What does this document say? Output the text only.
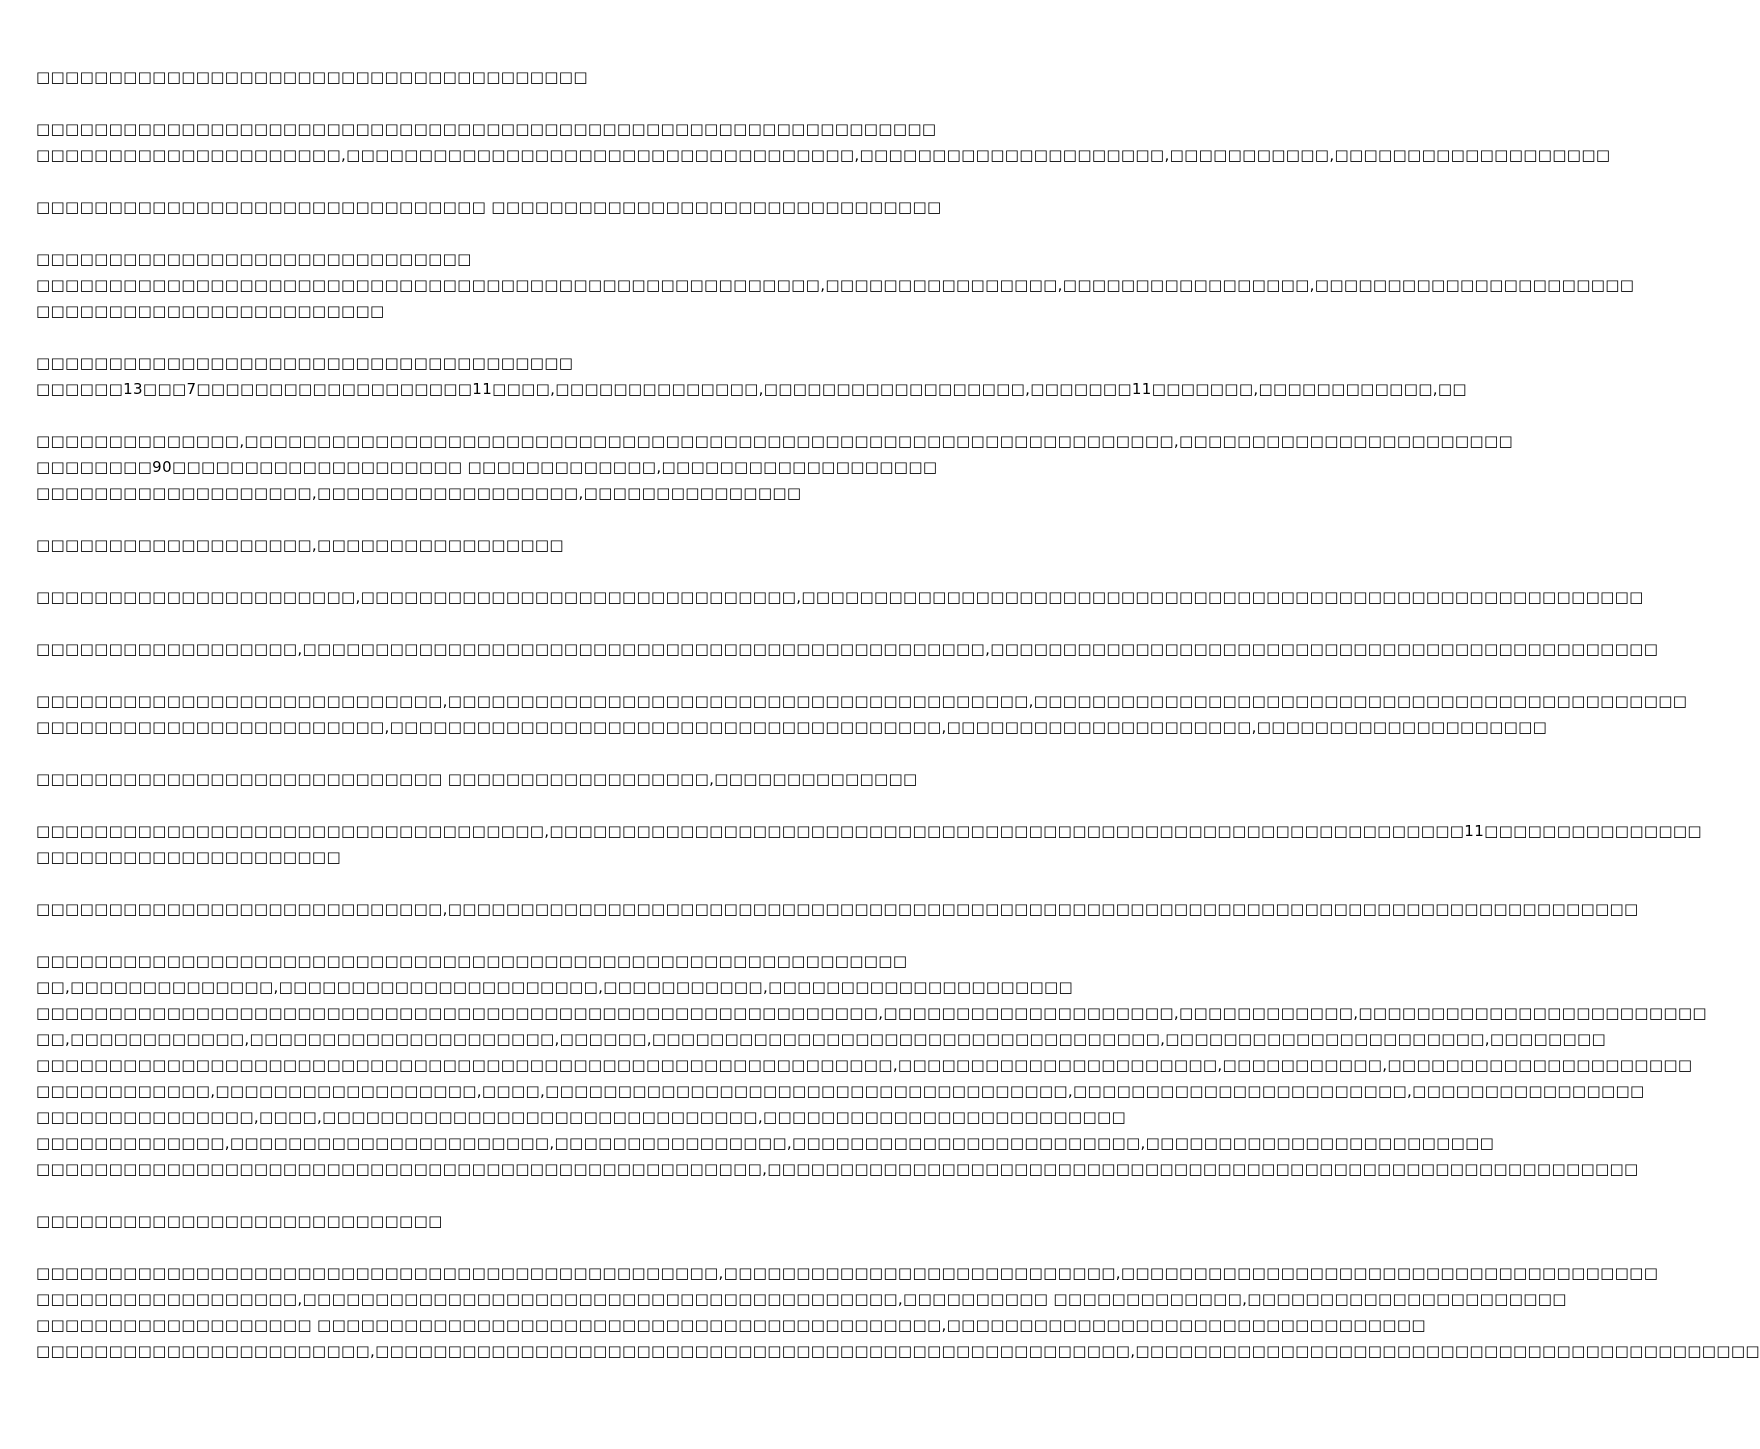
□□□□□□□□□□□□□□□□□□□□□□□□□□□□□□□□□□□□□□
□□□□□□□□□□□□□□□□□□□□□□□□□□□□□□□□□□□□□□□□□□□□□□□□□□□□□□□□□□□□□□
□□□□□□□□□□□□□□□□□□□□□,□□□□□□□□□□□□□□□□□□□□□□□□□□□□□□□□□□□,□□□□□□□□□□□□□□□□□□□□□,□□□□□□□□□□□,□□□□□□□□□□□□□□□□□□□
□□□□□□□□□□□□□□□□□□□□□□□□□□□□□□□ □□□□□□□□□□□□□□□□□□□□□□□□□□□□□□□
□□□□□□□□□□□□□□□□□□□□□□□□□□□□□□
□□□□□□□□□□□□□□□□□□□□□□□□□□□□□□□□□□□□□□□□□□□□□□□□□□□□□□,□□□□□□□□□□□□□□□□,□□□□□□□□□□□□□□□□□,□□□□□□□□□□□□□□□□□□□□□□
□□□□□□□□□□□□□□□□□□□□□□□□
□□□□□□□□□□□□□□□□□□□□□□□□□□□□□□□□□□□□□
□□□□□□13□□□7□□□□□□□□□□□□□□□□□□□11□□□□,□□□□□□□□□□□□□□,□□□□□□□□□□□□□□□□□□,□□□□□□□11□□□□□□□,□□□□□□□□□□□□,□□
□□□□□□□□□□□□□□,□□□□□□□□□□□□□□□□□□□□□□□□□□□□□□□□□□□□□□□□□□□□□□□□□□□□□□□□□□□□□□□□,□□□□□□□□□□□□□□□□□□□□□□□
□□□□□□□□90□□□□□□□□□□□□□□□□□□□□ □□□□□□□□□□□□□,□□□□□□□□□□□□□□□□□□□
□□□□□□□□□□□□□□□□□□□,□□□□□□□□□□□□□□□□□□,□□□□□□□□□□□□□□□
□□□□□□□□□□□□□□□□□□□,□□□□□□□□□□□□□□□□□
□□□□□□□□□□□□□□□□□□□□□□,□□□□□□□□□□□□□□□□□□□□□□□□□□□□□□,□□□□□□□□□□□□□□□□□□□□□□□□□□□□□□□□□□□□□□□□□□□□□□□□□□□□□□□□□□
□□□□□□□□□□□□□□□□□□,□□□□□□□□□□□□□□□□□□□□□□□□□□□□□□□□□□□□□□□□□□□□□□□,□□□□□□□□□□□□□□□□□□□□□□□□□□□□□□□□□□□□□□□□□□□□□□
□□□□□□□□□□□□□□□□□□□□□□□□□□□□,□□□□□□□□□□□□□□□□□□□□□□□□□□□□□□□□□□□□□□□□,□□□□□□□□□□□□□□□□□□□□□□□□□□□□□□□□□□□□□□□□□□□□□
□□□□□□□□□□□□□□□□□□□□□□□□,□□□□□□□□□□□□□□□□□□□□□□□□□□□□□□□□□□□□□□,□□□□□□□□□□□□□□□□□□□□□,□□□□□□□□□□□□□□□□□□□□
□□□□□□□□□□□□□□□□□□□□□□□□□□□□ □□□□□□□□□□□□□□□□□□,□□□□□□□□□□□□□□
□□□□□□□□□□□□□□□□□□□□□□□□□□□□□□□□□□□,□□□□□□□□□□□□□□□□□□□□□□□□□□□□□□□□□□□□□□□□□□□□□□□□□□□□□□□□□□□□□□□11□□□□□□□□□□□□□□□
□□□□□□□□□□□□□□□□□□□□□
□□□□□□□□□□□□□□□□□□□□□□□□□□□□,□□□□□□□□□□□□□□□□□□□□□□□□□□□□□□□□□□□□□□□□□□□□□□□□□□□□□□□□□□□□□□□□□□□□□□□□□□□□□□□□□□
□□□□□□□□□□□□□□□□□□□□□□□□□□□□□□□□□□□□□□□□□□□□□□□□□□□□□□□□□□□□
□□,□□□□□□□□□□□□□□,□□□□□□□□□□□□□□□□□□□□□□,□□□□□□□□□□□,□□□□□□□□□□□□□□□□□□□□□
□□□□□□□□□□□□□□□□□□□□□□□□□□□□□□□□□□□□□□□□□□□□□□□□□□□□□□□□□□,□□□□□□□□□□□□□□□□□□□□,□□□□□□□□□□□□,□□□□□□□□□□□□□□□□□□□□□□□□
□□,□□□□□□□□□□□□,□□□□□□□□□□□□□□□□□□□□□,□□□□□□,□□□□□□□□□□□□□□□□□□□□□□□□□□□□□□□□□□□,□□□□□□□□□□□□□□□□□□□□□□,□□□□□□□□
□□□□□□□□□□□□□□□□□□□□□□□□□□□□□□□□□□□□□□□□□□□□□□□□□□□□□□□□□□□,□□□□□□□□□□□□□□□□□□□□□□,□□□□□□□□□□□,□□□□□□□□□□□□□□□□□□□□□
□□□□□□□□□□□□,□□□□□□□□□□□□□□□□□□,□□□□,□□□□□□□□□□□□□□□□□□□□□□□□□□□□□□□□□□□□,□□□□□□□□□□□□□□□□□□□□□□□,□□□□□□□□□□□□□□□□
□□□□□□□□□□□□□□□,□□□□,□□□□□□□□□□□□□□□□□□□□□□□□□□□□□□,□□□□□□□□□□□□□□□□□□□□□□□□□
□□□□□□□□□□□□□,□□□□□□□□□□□□□□□□□□□□□□,□□□□□□□□□□□□□□□□,□□□□□□□□□□□□□□□□□□□□□□□□,□□□□□□□□□□□□□□□□□□□□□□□□
□□□□□□□□□□□□□□□□□□□□□□□□□□□□□□□□□□□□□□□□□□□□□□□□□□,□□□□□□□□□□□□□□□□□□□□□□□□□□□□□□□□□□□□□□□□□□□□□□□□□□□□□□□□□□□□
□□□□□□□□□□□□□□□□□□□□□□□□□□□□
□□□□□□□□□□□□□□□□□□□□□□□□□□□□□□□□□□□□□□□□□□□□□□□,□□□□□□□□□□□□□□□□□□□□□□□□□□□,□□□□□□□□□□□□□□□□□□□□□□□□□□□□□□□□□□□□□
□□□□□□□□□□□□□□□□□□,□□□□□□□□□□□□□□□□□□□□□□□□□□□□□□□□□□□□□□□□□,□□□□□□□□□□ □□□□□□□□□□□□□,□□□□□□□□□□□□□□□□□□□□□□
□□□□□□□□□□□□□□□□□□□ □□□□□□□□□□□□□□□□□□□□□□□□□□□□□□□□□□□□□□□□□□□,□□□□□□□□□□□□□□□□□□□□□□□□□□□□□□□□□
□□□□□□□□□□□□□□□□□□□□□□□,□□□□□□□□□□□□□□□□□□□□□□□□□□□□□□□□□□□□□□□□□□□□□□□□□□□□,□□□□□□□□□□□□□□□□□□□□□□□□□□□□□□□□□□□□□□□□□□□
